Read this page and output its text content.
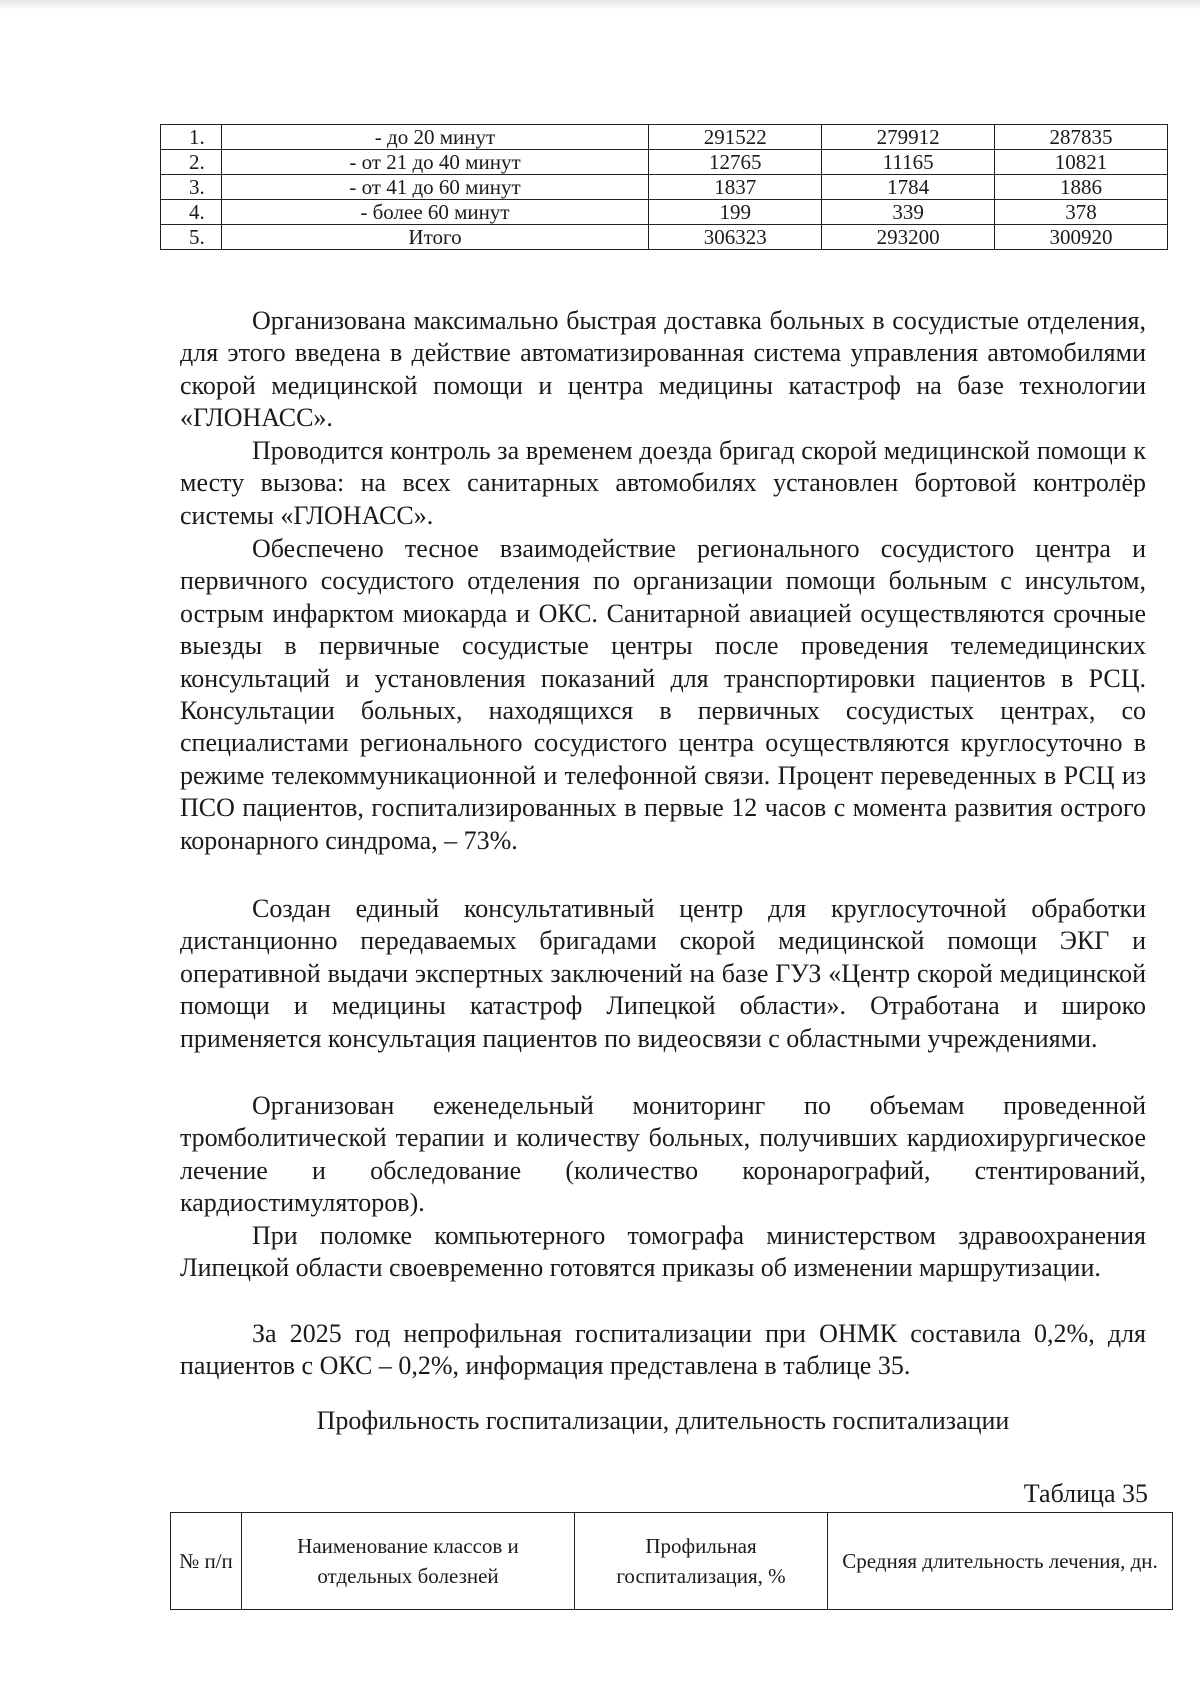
1.	- до 20 минут	291522	279912	287835
2.	- от 21 до 40 минут	12765	11165	10821
3.	- от 41 до 60 минут	1837	1784	1886
4.	- более 60 минут	199	339	378
5.	Итого	306323	293200	300920

Организована максимально быстрая доставка больных в сосудистые отделения, для этого введена в действие автоматизированная система управления автомобилями скорой медицинской помощи и центра медицины катастроф на базе технологии «ГЛОНАСС».

Проводится контроль за временем доезда бригад скорой медицинской помощи к месту вызова: на всех санитарных автомобилях установлен бортовой контролёр системы «ГЛОНАСС».

Обеспечено тесное взаимодействие регионального сосудистого центра и первичного сосудистого отделения по организации помощи больным с инсультом, острым инфарктом миокарда и ОКС. Санитарной авиацией осуществляются срочные выезды в первичные сосудистые центры после проведения телемедицинских консультаций и установления показаний для транспортировки пациентов в РСЦ. Консультации больных, находящихся в первичных сосудистых центрах, со специалистами регионального сосудистого центра осуществляются круглосуточно в режиме телекоммуникационной и телефонной связи. Процент переведенных в РСЦ из ПСО пациентов, госпитализированных в первые 12 часов с момента развития острого коронарного синдрома, – 73%.

Создан единый консультативный центр для круглосуточной обработки дистанционно передаваемых бригадами скорой медицинской помощи ЭКГ и оперативной выдачи экспертных заключений на базе ГУЗ «Центр скорой медицинской помощи и медицины катастроф Липецкой области». Отработана и широко применяется консультация пациентов по видеосвязи с областными учреждениями.

Организован еженедельный мониторинг по объемам проведенной тромболитической терапии и количеству больных, получивших кардиохирургическое лечение и обследование (количество коронарографий, стентирований, кардиостимуляторов).

При поломке компьютерного томографа министерством здравоохранения Липецкой области своевременно готовятся приказы об изменении маршрутизации.

За 2025 год непрофильная госпитализации при ОНМК составила 0,2%, для пациентов с ОКС – 0,2%, информация представлена в таблице 35.

Профильность госпитализации, длительность госпитализации

Таблица 35

№ п/п	Наименование классов и отдельных болезней	Профильная госпитализация, %	Средняя длительность лечения, дн.
